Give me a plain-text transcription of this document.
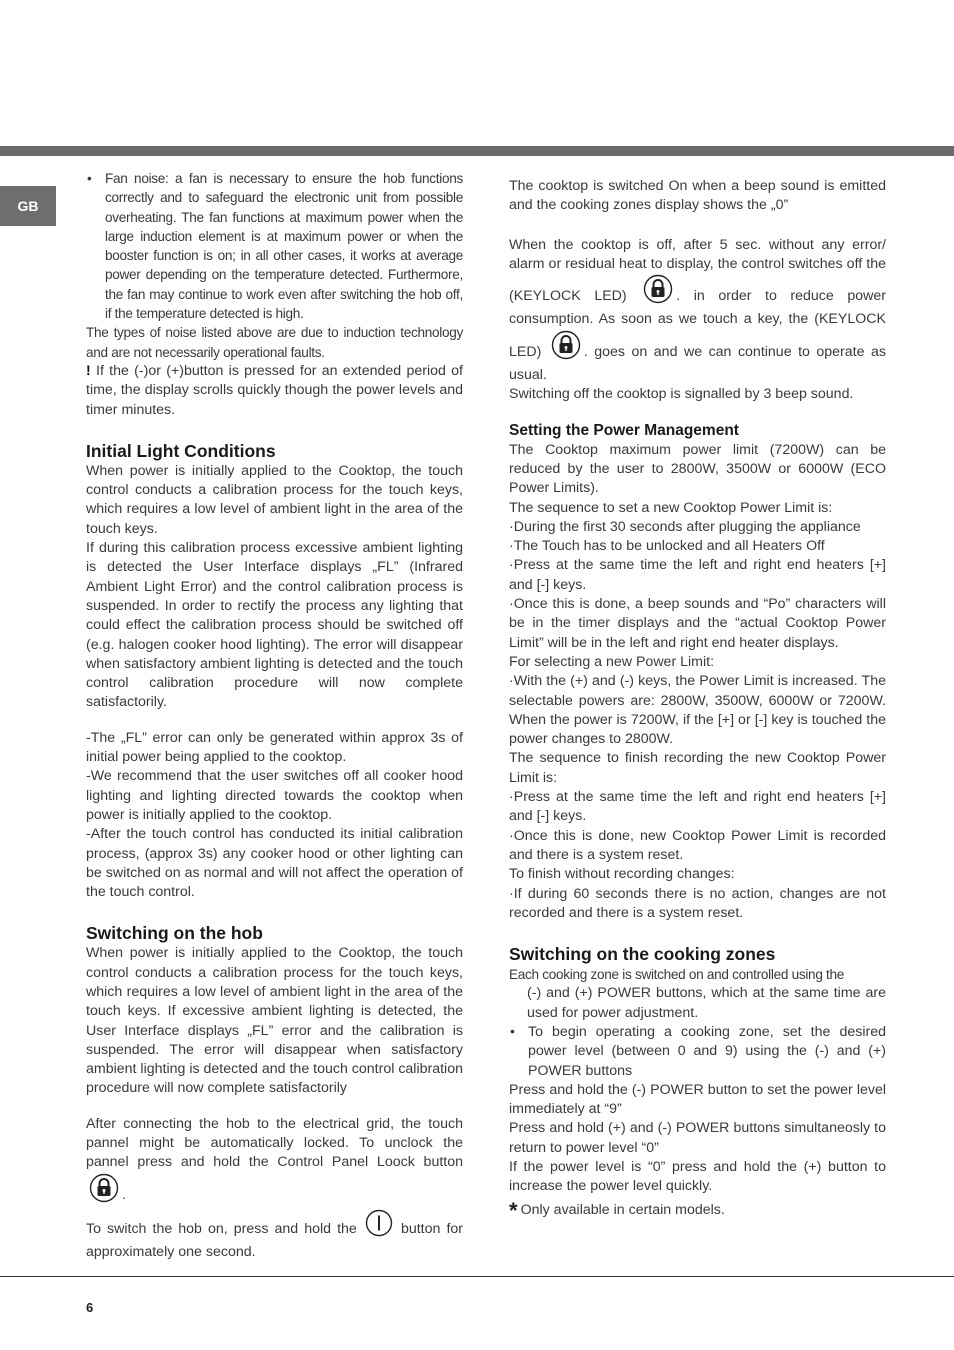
GB

• Fan noise: a fan is necessary to ensure the hob functions correctly and to safeguard the electronic unit from possible overheating. The fan functions at maximum power when the large induction element is at maximum power or when the booster function is on; in all other cases, it works at average power depending on the temperature detected. Furthermore, the fan may continue to work even after switching the hob off, if the temperature detected is high.

The types of noise listed above are due to induction technology and are not necessarily operational faults.

! If the (-)or (+)button is pressed for an extended period of time, the display scrolls quickly though the power levels and timer minutes.

Initial Light Conditions

When power is initially applied to the Cooktop, the touch control conducts a calibration process for the touch keys, which requires a low level of ambient light in the area of the touch keys.

If during this calibration process excessive ambient lighting is detected the User Interface displays „FL” (Infrared Ambient Light Error) and the control calibration process is suspended. In order to rectify the process any lighting that could effect the calibration process should be switched off (e.g. halogen cooker hood lighting). The error will disappear when satisfactory ambient lighting is detected and the touch control calibration procedure will now complete satisfactorily.

-The „FL” error can only be generated within approx 3s of initial power being applied to the cooktop.

-We recommend that the user switches off all cooker hood lighting and lighting directed towards the cooktop when power is initially applied to the cooktop.

-After the touch control has conducted its initial calibration process, (approx 3s) any cooker hood or other lighting can be switched on as normal and will not affect the operation of the touch control.

Switching on the hob

When power is initially applied to the Cooktop, the touch control conducts a calibration process for the touch keys, which requires a low level of ambient light in the area of the touch keys. If excessive ambient lighting is detected, the User Interface displays „FL” error and the calibration is suspended. The error will disappear when satisfactory ambient lighting is detected and the touch control calibration procedure will now complete satisfactorily

After connecting the hob to the electrical grid, the touch pannel might be automatically locked. To unclock the pannel press and hold the Control Panel Loock button .

To switch the hob on, press and hold the	button for approximately one second.

The cooktop is switched On when a beep sound is emitted and the cooking zones display shows the „0”

When the cooktop is off, after 5 sec. without any error/ alarm or residual heat to display, the control switches off the (KEYLOCK LED)	. in order to reduce power consumption. As soon as we touch a key, the (KEYLOCK LED)	. goes on and we can continue to operate as usual.

Switching off the cooktop is signalled by 3 beep sound.

Setting the Power Management

The Cooktop maximum power limit (7200W) can be reduced by the user to 2800W, 3500W or 6000W (ECO Power Limits).

The sequence to set a new Cooktop Power Limit is:

·During the first 30 seconds after plugging the appliance

·The Touch has to be unlocked and all Heaters Off

·Press at the same time the left and right end heaters [+] and [-] keys.

·Once this is done, a beep sounds and “Po” characters will be in the timer displays and the “actual Cooktop Power Limit” will be in the left and right end heater displays.

For selecting a new Power Limit:

·With the (+) and (-) keys, the Power Limit is increased. The selectable powers are: 2800W, 3500W, 6000W or 7200W. When the power is 7200W, if the [+] or [-] key is touched the power changes to 2800W.

The sequence to finish recording the new Cooktop Power Limit is:

·Press at the same time the left and right end heaters [+] and [-] keys.

·Once this is done, new Cooktop Power Limit is recorded and there is a system reset.

To finish without recording changes:

·If during 60 seconds there is no action, changes are not recorded and there is a system reset.

Switching on the cooking zones

Each cooking zone is switched on and controlled using the

(-) and (+) POWER buttons, which at the same time are used for power adjustment.

• To begin operating a cooking zone, set the desired power level (between 0 and 9) using the (-) and (+) POWER buttons

Press and hold the (-) POWER button to set the power level immediately at “9”

Press and hold (+) and (-) POWER buttons simultaneosly to return to power level “0”

If the power level is “0” press and hold the (+) button to increase the power level quickly.

* Only available in certain models.

6
